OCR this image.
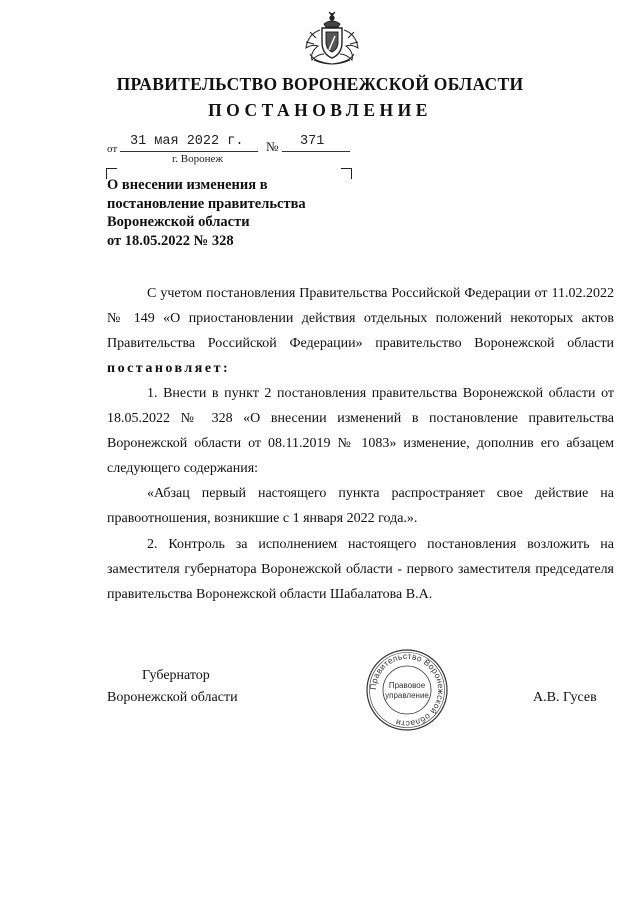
ПРАВИТЕЛЬСТВО ВОРОНЕЖСКОЙ ОБЛАСТИ
ПОСТАНОВЛЕНИЕ
от 31 мая 2022 г. № 371
г. Воронеж
О внесении изменения в
постановление правительства
Воронежской области
от 18.05.2022 № 328

С учетом постановления Правительства Российской Федерации от 11.02.2022 № 149 «О приостановлении действия отдельных положений некоторых актов Правительства Российской Федерации» правительство Воронежской области постановляет:

1. Внести в пункт 2 постановления правительства Воронежской области от 18.05.2022 № 328 «О внесении изменений в постановление правительства Воронежской области от 08.11.2019 № 1083» изменение, дополнив его абзацем следующего содержания:

«Абзац первый настоящего пункта распространяет свое действие на правоотношения, возникшие с 1 января 2022 года.».

2. Контроль за исполнением настоящего постановления возложить на заместителя губернатора Воронежской области - первого заместителя председателя правительства Воронежской области Шабалатова В.А.

Губернатор
Воронежской области	А.В. Гусев
Правительство Воронежской области
Правовое
управление
